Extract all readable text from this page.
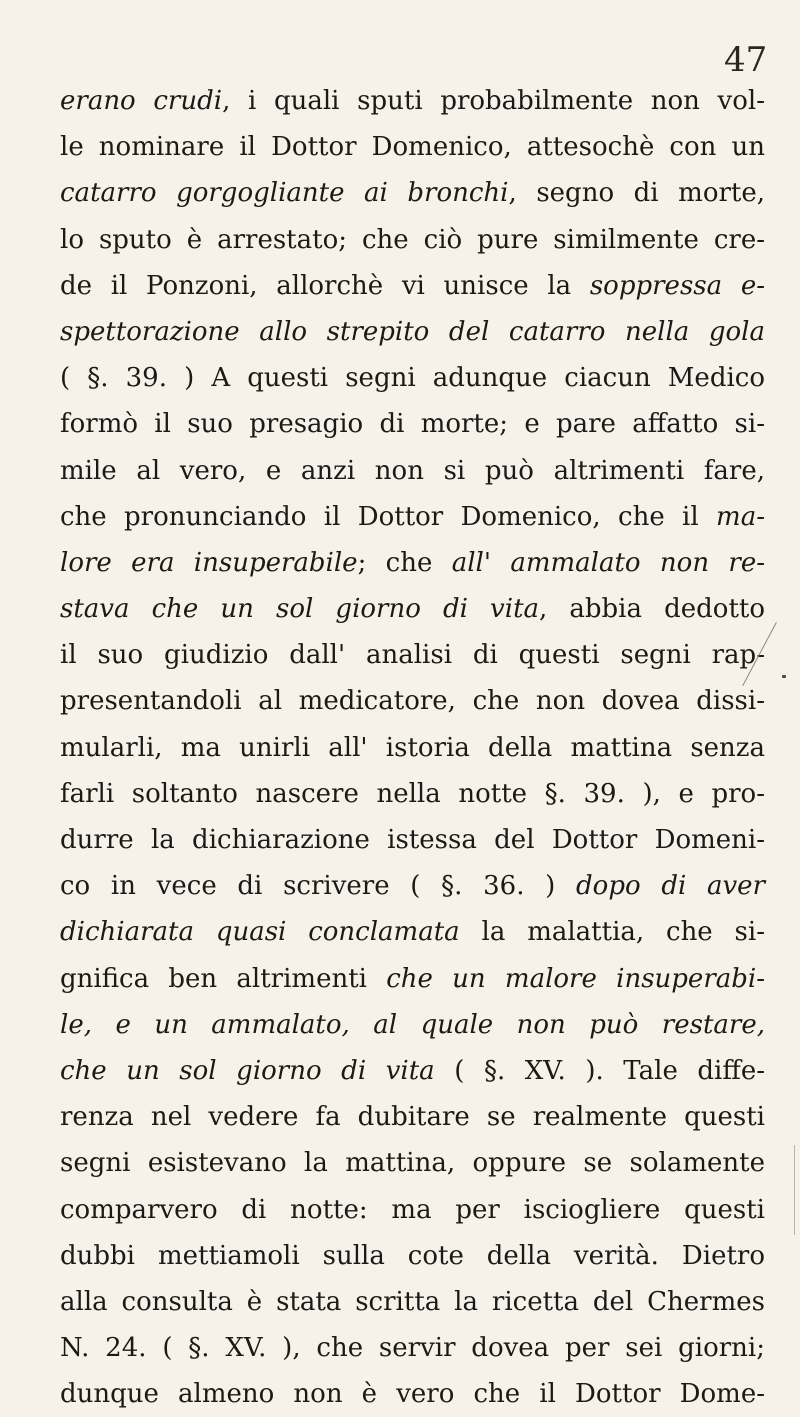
47
erano crudi, i quali sputi probabilmente non vol-
le nominare il Dottor Domenico, attesochè con un
catarro gorgogliante ai bronchi, segno di morte,
lo sputo è arrestato; che ciò pure similmente cre-
de il Ponzoni, allorchè vi unisce la soppressa e-
spettorazione allo strepito del catarro nella gola
( §. 39. ) A questi segni adunque ciacun Medico
formò il suo presagio di morte; e pare affatto si-
mile al vero, e anzi non si può altrimenti fare,
che pronunciando il Dottor Domenico, che il ma-
lore era insuperabile; che all' ammalato non re-
stava che un sol giorno di vita, abbia dedotto
il suo giudizio dall' analisi di questi segni rap-
presentandoli al medicatore, che non dovea dissi-
mularli, ma unirli all' istoria della mattina senza
farli soltanto nascere nella notte §. 39. ), e pro-
durre la dichiarazione istessa del Dottor Domeni-
co in vece di scrivere ( §. 36. ) dopo di aver
dichiarata quasi conclamata la malattia, che si-
gnifica ben altrimenti che un malore insuperabi-
le, e un ammalato, al quale non può restare,
che un sol giorno di vita ( §. XV. ). Tale diffe-
renza nel vedere fa dubitare se realmente questi
segni esistevano la mattina, oppure se solamente
comparvero di notte: ma per isciogliere questi
dubbi mettiamoli sulla cote della verità. Dietro
alla consulta è stata scritta la ricetta del Chermes
N. 24. ( §. XV. ), che servir dovea per sei giorni;
dunque almeno non è vero che il Dottor Dome-
